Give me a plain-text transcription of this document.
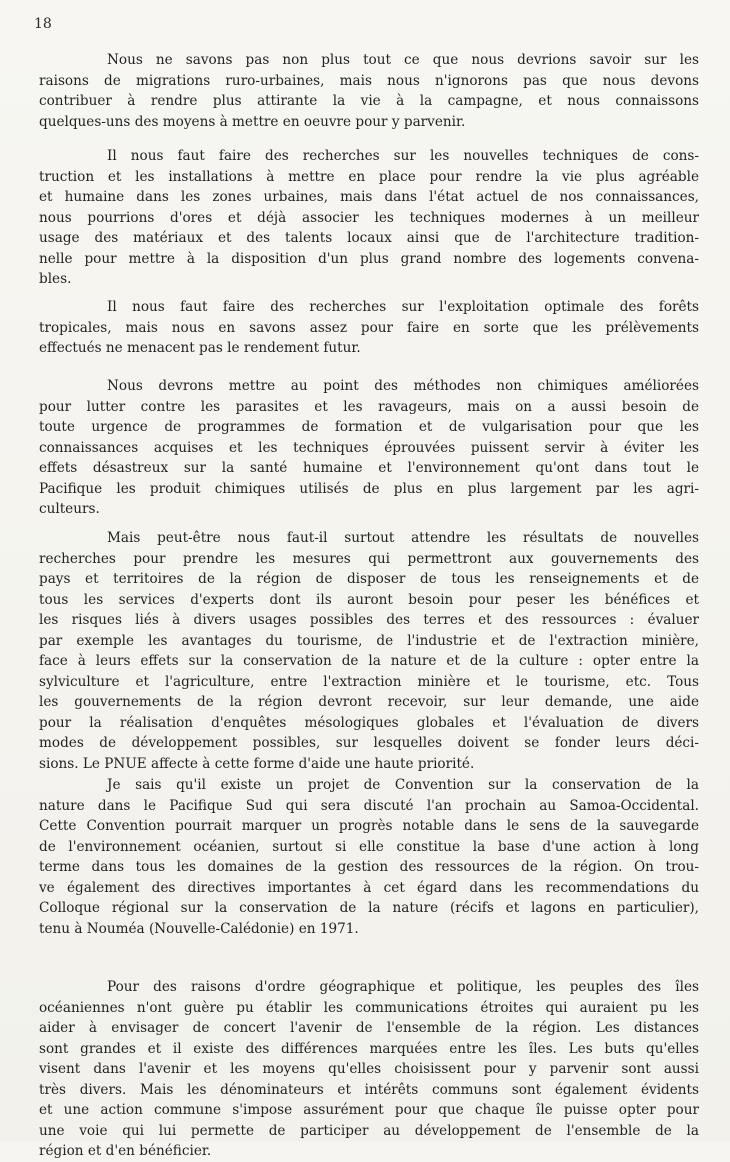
18
Nous ne savons pas non plus tout ce que nous devrions savoir sur les
raisons de migrations ruro-urbaines, mais nous n'ignorons pas que nous devons
contribuer à rendre plus attirante la vie à la campagne, et nous connaissons
quelques-uns des moyens à mettre en oeuvre pour y parvenir.
Il nous faut faire des recherches sur les nouvelles techniques de cons-
truction et les installations à mettre en place pour rendre la vie plus agréable
et humaine dans les zones urbaines, mais dans l'état actuel de nos connaissances,
nous pourrions d'ores et déjà associer les techniques modernes à un meilleur
usage des matériaux et des talents locaux ainsi que de l'architecture tradition-
nelle pour mettre à la disposition d'un plus grand nombre des logements convena-
bles.
Il nous faut faire des recherches sur l'exploitation optimale des forêts
tropicales, mais nous en savons assez pour faire en sorte que les prélèvements
effectués ne menacent pas le rendement futur.
Nous devrons mettre au point des méthodes non chimiques améliorées
pour lutter contre les parasites et les ravageurs, mais on a aussi besoin de
toute urgence de programmes de formation et de vulgarisation pour que les
connaissances acquises et les techniques éprouvées puissent servir à éviter les
effets désastreux sur la santé humaine et l'environnement qu'ont dans tout le
Pacifique les produit chimiques utilisés de plus en plus largement par les agri-
culteurs.
Mais peut-être nous faut-il surtout attendre les résultats de nouvelles
recherches pour prendre les mesures qui permettront aux gouvernements des
pays et territoires de la région de disposer de tous les renseignements et de
tous les services d'experts dont ils auront besoin pour peser les bénéfices et
les risques liés à divers usages possibles des terres et des ressources : évaluer
par exemple les avantages du tourisme, de l'industrie et de l'extraction minière,
face à leurs effets sur la conservation de la nature et de la culture : opter entre la
sylviculture et l'agriculture, entre l'extraction minière et le tourisme, etc. Tous
les gouvernements de la région devront recevoir, sur leur demande, une aide
pour la réalisation d'enquêtes mésologiques globales et l'évaluation de divers
modes de développement possibles, sur lesquelles doivent se fonder leurs déci-
sions. Le PNUE affecte à cette forme d'aide une haute priorité.
Je sais qu'il existe un projet de Convention sur la conservation de la
nature dans le Pacifique Sud qui sera discuté l'an prochain au Samoa-Occidental.
Cette Convention pourrait marquer un progrès notable dans le sens de la sauvegarde
de l'environnement océanien, surtout si elle constitue la base d'une action à long
terme dans tous les domaines de la gestion des ressources de la région. On trou-
ve également des directives importantes à cet égard dans les recommendations du
Colloque régional sur la conservation de la nature (récifs et lagons en particulier),
tenu à Nouméa (Nouvelle-Calédonie) en 1971.
Pour des raisons d'ordre géographique et politique, les peuples des îles
océaniennes n'ont guère pu établir les communications étroites qui auraient pu les
aider à envisager de concert l'avenir de l'ensemble de la région. Les distances
sont grandes et il existe des différences marquées entre les îles. Les buts qu'elles
visent dans l'avenir et les moyens qu'elles choisissent pour y parvenir sont aussi
très divers. Mais les dénominateurs et intérêts communs sont également évidents
et une action commune s'impose assurément pour que chaque île puisse opter pour
une voie qui lui permette de participer au développement de l'ensemble de la
région et d'en bénéficier.
